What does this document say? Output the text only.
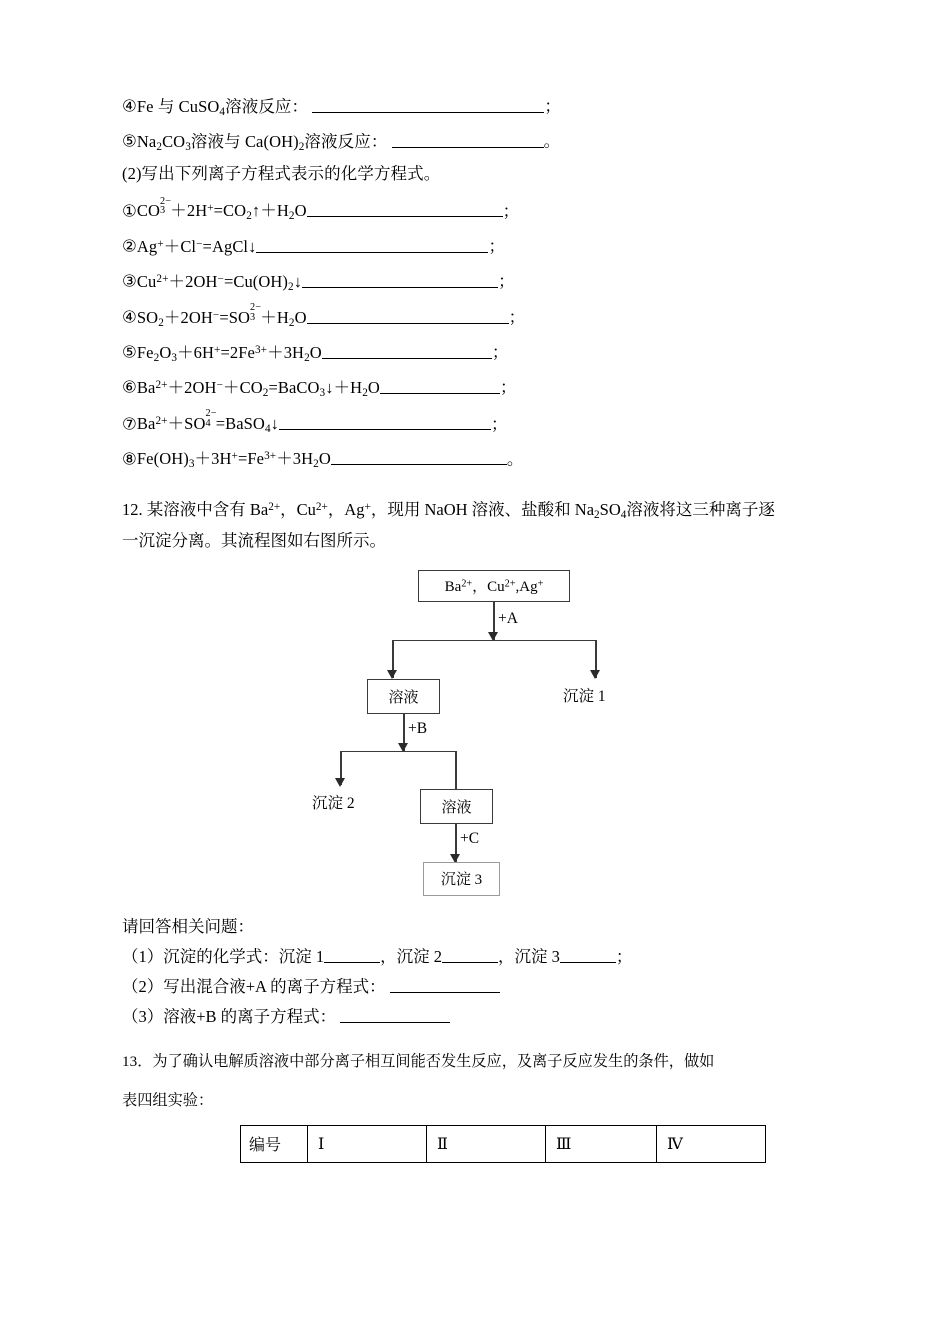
④Fe 与 CuSO$_4$溶液反应：	；
$⑤Na_2CO_3$溶液与 $Ca(OH)_2$溶液反应：	。
(2)写出下列离子方程式表示的化学方程式。
①CO
2−
$3 +2H^+=CO_2↑+H_2O$	；
②Ag+＋Cl−=AgCl↓	；
$③Cu^{2+}+2OH^-=Cu(OH)_2↓$	；
$④SO_2+2OH^-=SO$
2−
$3 +H_2O$	；
$⑤Fe_2O_3+6H^+=2Fe^{3+}+3H_2O$	；
$⑥Ba^{2+}+2OH^-+CO_2=BaCO_3↓+H_2O$	；
$⑦Ba^{2+}+SO$
2−
4 =BaSO$_4$↓	；
$⑧Fe(OH)_3+3H^+=Fe^{3+}+3H_2O$	。
12. 某溶液中含有 $Ba^{2+}$，$Cu^{2+}$，Ag+，现用 NaOH 溶液、盐酸和 $Na_2SO_4$溶液将这三种离子逐
一沉淀分离。其流程图如右图所示。
$Ba^{2+}$，$Cu^{2+},Ag^+$
+A
溶液	沉淀 1
+B
沉淀 2	溶液
+C
沉淀 3
请回答相关问题：
（1）沉淀的化学式：沉淀 1	，沉淀 2	，沉淀 3	；
（2）写出混合液+A 的离子方程式：
（3）溶液+B 的离子方程式：
13．为了确认电解质溶液中部分离子相互间能否发生反应，及离子反应发生的条件，做如
表四组实验：
编号	Ⅰ	Ⅱ	Ⅲ	Ⅳ
